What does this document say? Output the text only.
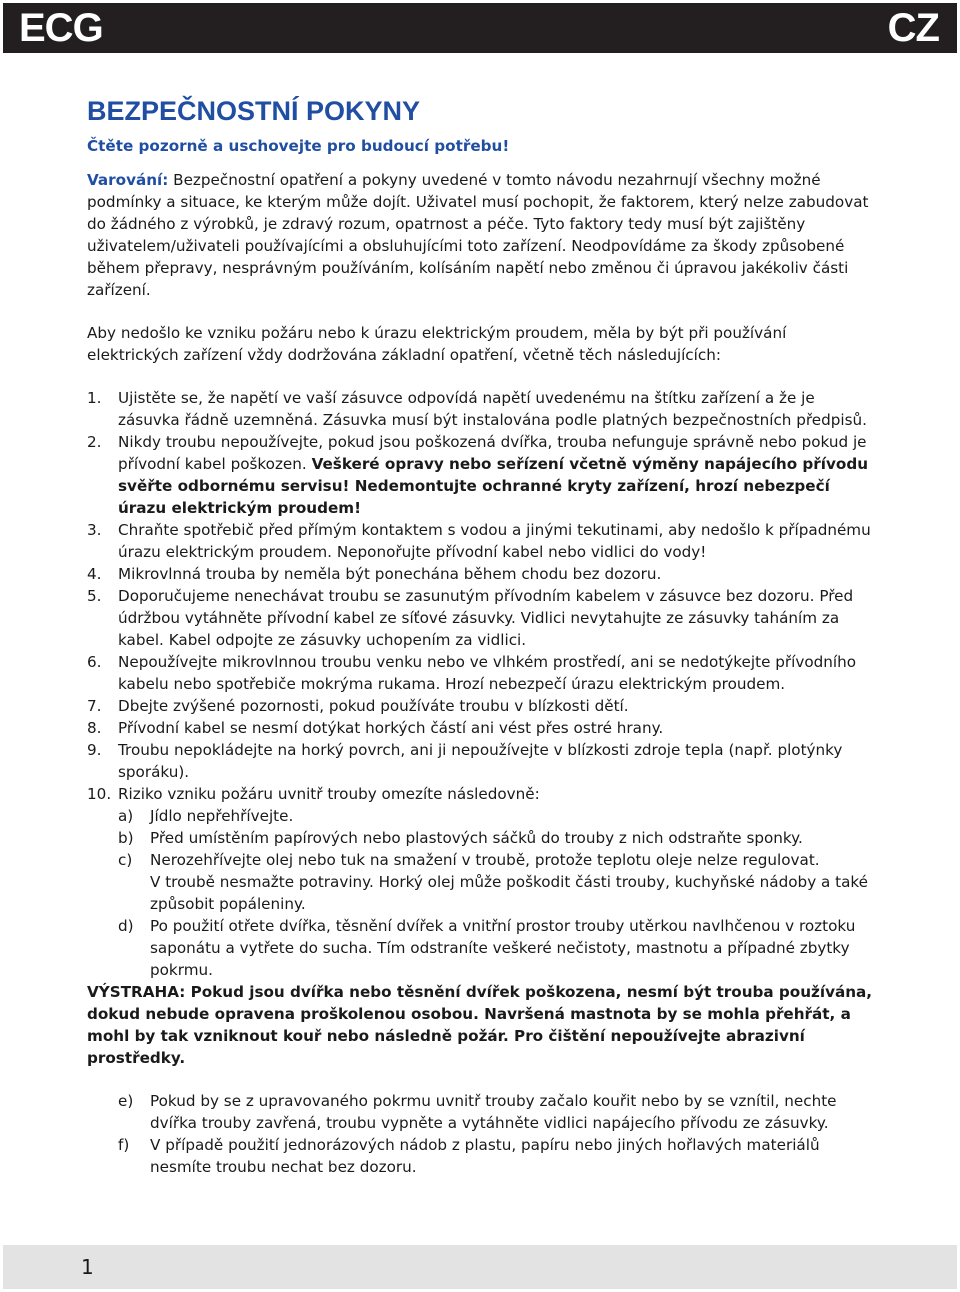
ECG	CZ
BEZPEČNOSTNÍ POKYNY

Čtěte pozorně a uschovejte pro budoucí potřebu!

Varování: Bezpečnostní opatření a pokyny uvedené v tomto návodu nezahrnují všechny možné podmínky a situace, ke kterým může dojít. Uživatel musí pochopit, že faktorem, který nelze zabudovat do žádného z výrobků, je zdravý rozum, opatrnost a péče. Tyto faktory tedy musí být zajištěny uživatelem/uživateli používajícími a obsluhujícími toto zařízení. Neodpovídáme za škody způsobené během přepravy, nesprávným používáním, kolísáním napětí nebo změnou či úpravou jakékoliv části zařízení.

Aby nedošlo ke vzniku požáru nebo k úrazu elektrickým proudem, měla by být při používání elektrických zařízení vždy dodržována základní opatření, včetně těch následujících:

1. Ujistěte se, že napětí ve vaší zásuvce odpovídá napětí uvedenému na štítku zařízení a že je zásuvka řádně uzemněná. Zásuvka musí být instalována podle platných bezpečnostních předpisů.
2. Nikdy troubu nepoužívejte, pokud jsou poškozená dvířka, trouba nefunguje správně nebo pokud je přívodní kabel poškozen. Veškeré opravy nebo seřízení včetně výměny napájecího přívodu svěřte odbornému servisu! Nedemontujte ochranné kryty zařízení, hrozí nebezpečí úrazu elektrickým proudem!
3. Chraňte spotřebič před přímým kontaktem s vodou a jinými tekutinami, aby nedošlo k případnému úrazu elektrickým proudem. Neponořujte přívodní kabel nebo vidlici do vody!
4. Mikrovlnná trouba by neměla být ponechána během chodu bez dozoru.
5. Doporučujeme nenechávat troubu se zasunutým přívodním kabelem v zásuvce bez dozoru. Před údržbou vytáhněte přívodní kabel ze síťové zásuvky. Vidlici nevytahujte ze zásuvky taháním za kabel. Kabel odpojte ze zásuvky uchopením za vidlici.
6. Nepoužívejte mikrovlnnou troubu venku nebo ve vlhkém prostředí, ani se nedotýkejte přívodního kabelu nebo spotřebiče mokrýma rukama. Hrozí nebezpečí úrazu elektrickým proudem.
7. Dbejte zvýšené pozornosti, pokud používáte troubu v blízkosti dětí.
8. Přívodní kabel se nesmí dotýkat horkých částí ani vést přes ostré hrany.
9. Troubu nepokládejte na horký povrch, ani ji nepoužívejte v blízkosti zdroje tepla (např. plotýnky sporáku).
10. Riziko vzniku požáru uvnitř trouby omezíte následovně:
a) Jídlo nepřehřívejte.
b) Před umístěním papírových nebo plastových sáčků do trouby z nich odstraňte sponky.
c) Nerozehřívejte olej nebo tuk na smažení v troubě, protože teplotu oleje nelze regulovat.
V troubě nesmažte potraviny. Horký olej může poškodit části trouby, kuchyňské nádoby a také způsobit popáleniny.
d) Po použití otřete dvířka, těsnění dvířek a vnitřní prostor trouby utěrkou navlhčenou v roztoku saponátu a vytřete do sucha. Tím odstraníte veškeré nečistoty, mastnotu a případné zbytky pokrmu.

VÝSTRAHA: Pokud jsou dvířka nebo těsnění dvířek poškozena, nesmí být trouba používána, dokud nebude opravena proškolenou osobou. Navršená mastnota by se mohla přehřát, a mohl by tak vzniknout kouř nebo následně požár. Pro čištění nepoužívejte abrazivní prostředky.

e) Pokud by se z upravovaného pokrmu uvnitř trouby začalo kouřit nebo by se vznítil, nechte dvířka trouby zavřená, troubu vypněte a vytáhněte vidlici napájecího přívodu ze zásuvky.
f) V případě použití jednorázových nádob z plastu, papíru nebo jiných hořlavých materiálů nesmíte troubu nechat bez dozoru.
1
